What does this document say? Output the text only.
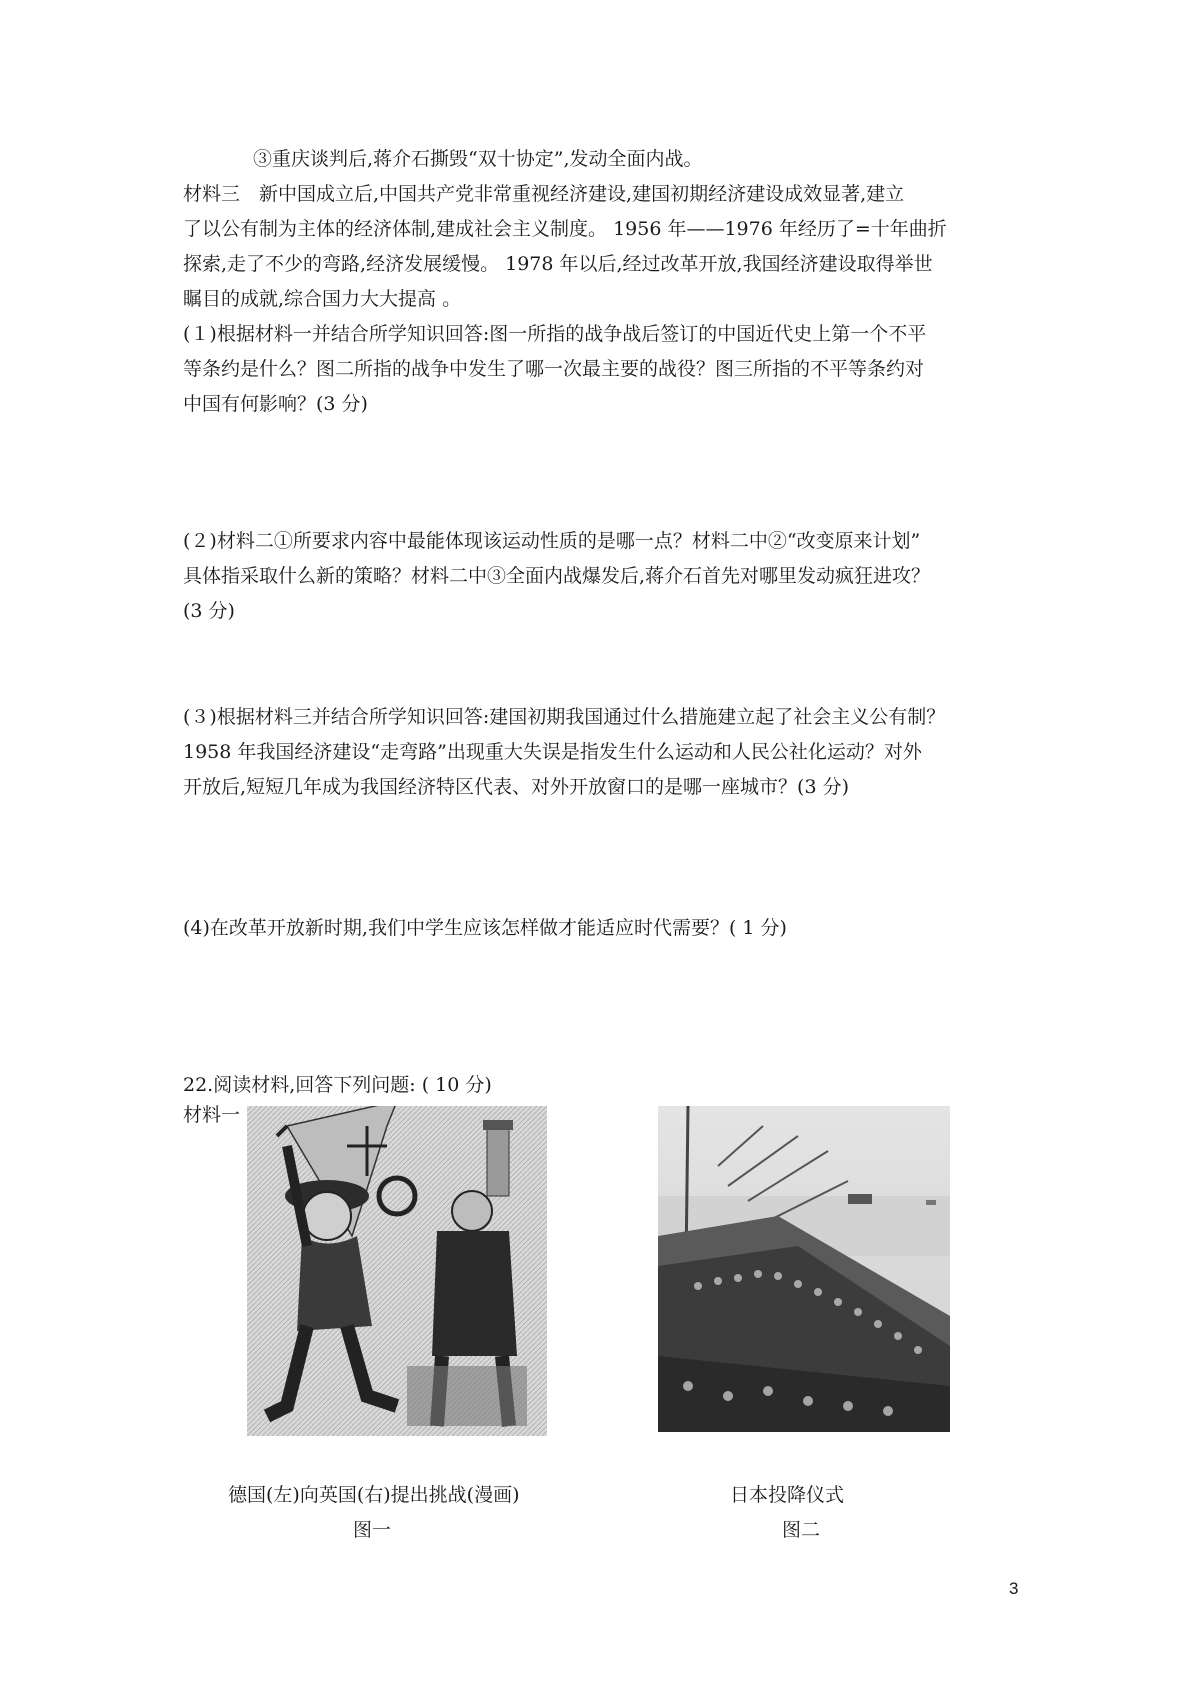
③重庆谈判后,蒋介石撕毁“双十协定”,发动全面内战。
材料三　新中国成立后,中国共产党非常重视经济建设,建国初期经济建设成效显著,建立
了以公有制为主体的经济体制,建成社会主义制度。 1956 年——1976 年经历了=十年曲折
探索,走了不少的弯路,经济发展缓慢。 1978 年以后,经过改革开放,我国经济建设取得举世
瞩目的成就,综合国力大大提高 。
(１)根据材料一并结合所学知识回答:图一所指的战争战后签订的中国近代史上第一个不平
等条约是什么？图二所指的战争中发生了哪一次最主要的战役？图三所指的不平等条约对
中国有何影响？(3 分)
(２)材料二①所要求内容中最能体现该运动性质的是哪一点？材料二中②“改变原来计划”
具体指采取什么新的策略？材料二中③全面内战爆发后,蒋介石首先对哪里发动疯狂进攻？
(3 分)
(３)根据材料三并结合所学知识回答:建国初期我国通过什么措施建立起了社会主义公有制？
1958 年我国经济建设“走弯路”出现重大失误是指发生什么运动和人民公社化运动？对外
开放后,短短几年成为我国经济特区代表、对外开放窗口的是哪一座城市？(3 分)
(4)在改革开放新时期,我们中学生应该怎样做才能适应时代需要？( 1 分)
22.阅读材料,回答下列问题: ( 10 分)
材料一
德国(左)向英国(右)提出挑战(漫画)
图一
日本投降仪式
图二
3
